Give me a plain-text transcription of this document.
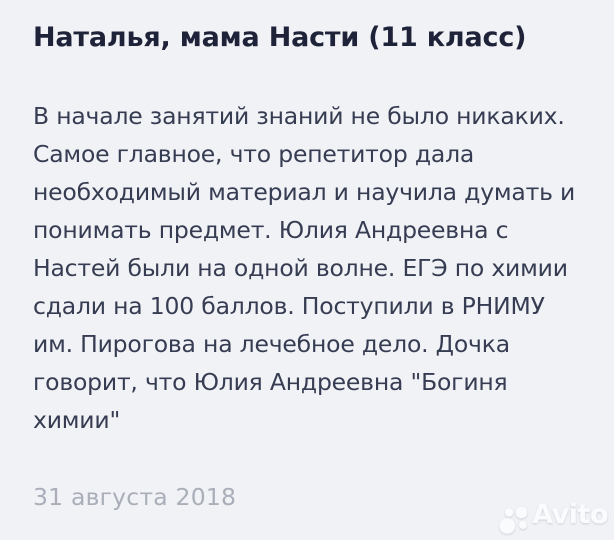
Наталья, мама Насти (11 класс)
В начале занятий знаний не было никаких.
Самое главное, что репетитор дала
необходимый материал и научила думать и
понимать предмет. Юлия Андреевна с
Настей были на одной волне. ЕГЭ по химии
сдали на 100 баллов. Поступили в РНИМУ
им. Пирогова на лечебное дело. Дочка
говорит, что Юлия Андреевна "Богиня
химии"
31 августа 2018
Avito
